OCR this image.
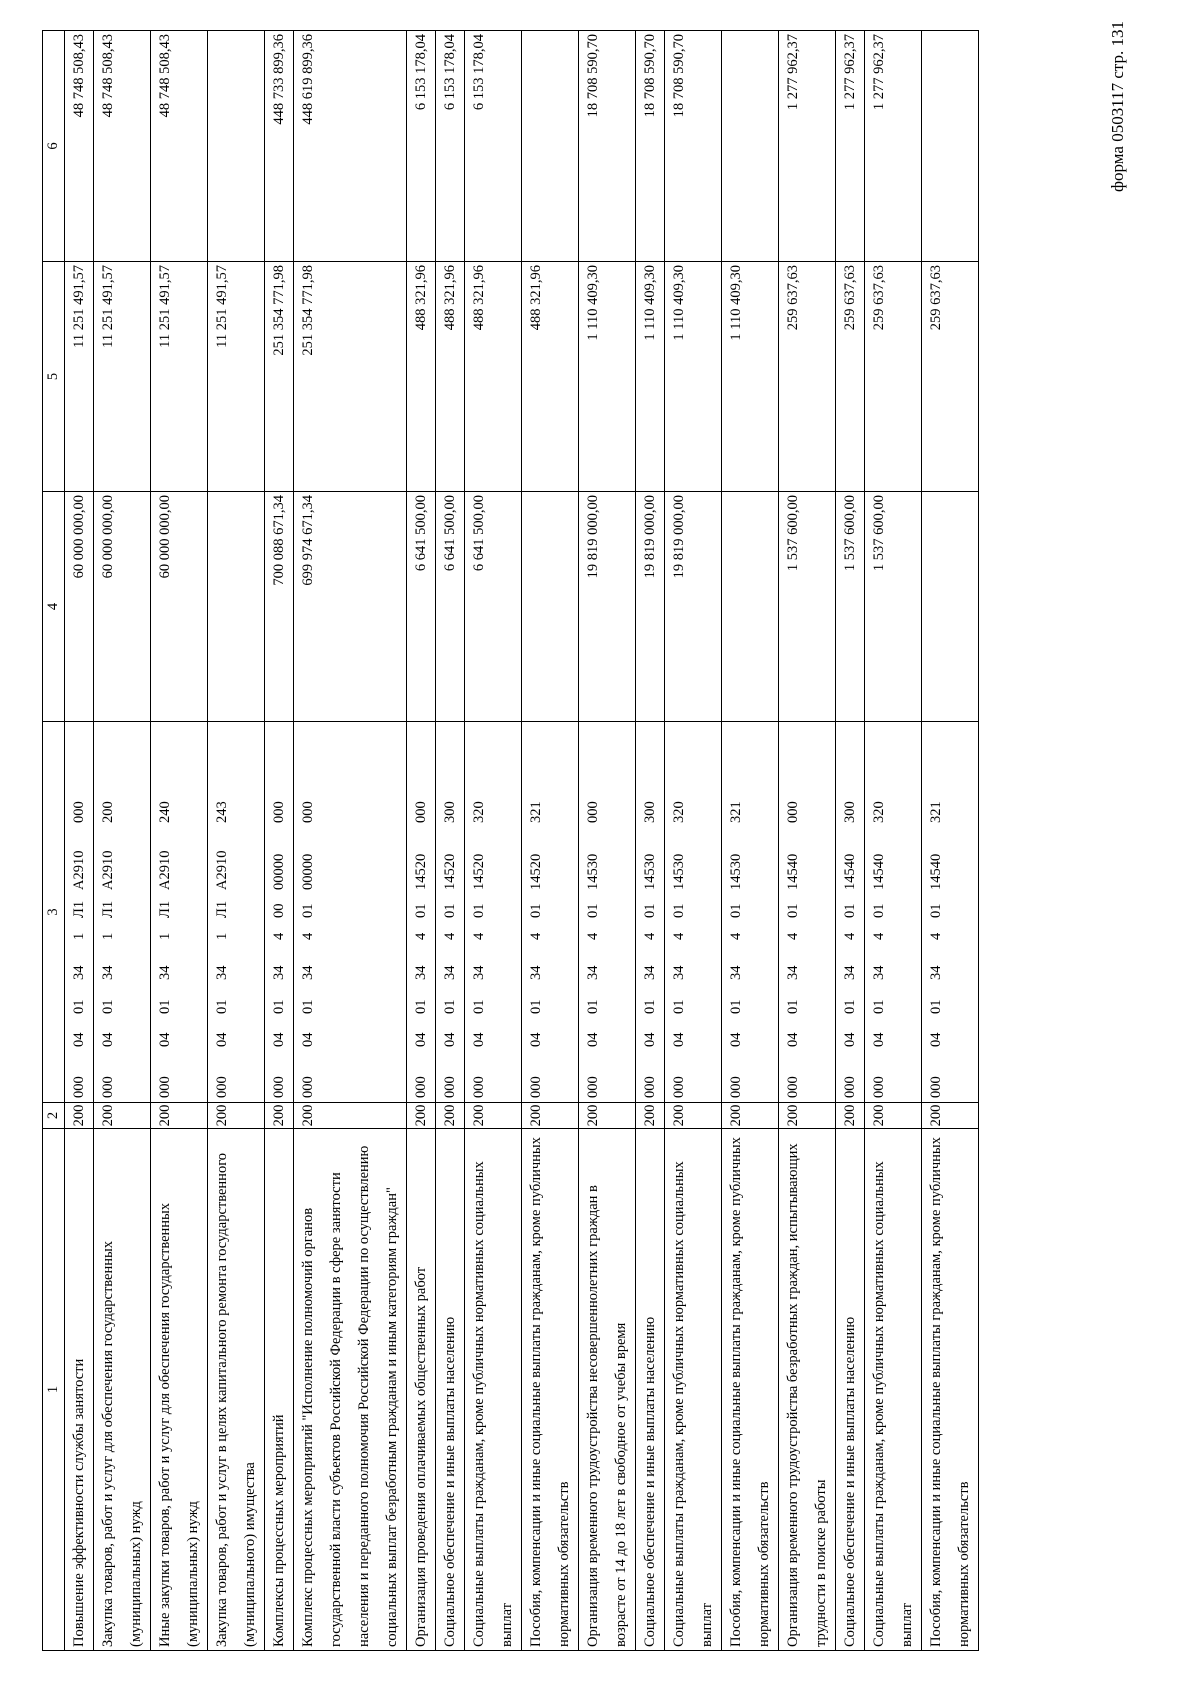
форма 0503117 стр. 131
1	2	3	4	5	6
Повышение эффективности службы занятости	200	0000401341Л1А2910000	60 000 000,00	11 251 491,57	48 748 508,43
Закупка товаров, работ и услуг для обеспечения государственных (муниципальных) нужд	200	0000401341Л1А2910200	60 000 000,00	11 251 491,57	48 748 508,43
Иные закупки товаров, работ и услуг для обеспечения государственных (муниципальных) нужд	200	0000401341Л1А2910240	60 000 000,00	11 251 491,57	48 748 508,43
Закупка товаров, работ и услуг в целях капитального ремонта государственного (муниципального) имущества	200	0000401341Л1А2910243		11 251 491,57	
Комплексы процессных мероприятий	200	00004013440000000000	700 088 671,34	251 354 771,98	448 733 899,36
Комплекс процессных мероприятий "Исполнение полномочий органов государственной власти субъектов Российской Федерации в сфере занятости населения и переданного полномочия Российской Федерации по осуществлению социальных выплат безработным гражданам и иным категориям граждан"	200	00004013440100000000	699 974 671,34	251 354 771,98	448 619 899,36
Организация проведения оплачиваемых общественных работ	200	00004013440114520000	6 641 500,00	488 321,96	6 153 178,04
Социальное обеспечение и иные выплаты населению	200	00004013440114520300	6 641 500,00	488 321,96	6 153 178,04
Социальные выплаты гражданам, кроме публичных нормативных социальных выплат	200	00004013440114520320	6 641 500,00	488 321,96	6 153 178,04
Пособия, компенсации и иные социальные выплаты гражданам, кроме публичных нормативных обязательств	200	00004013440114520321		488 321,96	
Организация временного трудоустройства несовершеннолетних граждан в возрасте от 14 до 18 лет в свободное от учебы время	200	00004013440114530000	19 819 000,00	1 110 409,30	18 708 590,70
Социальное обеспечение и иные выплаты населению	200	00004013440114530300	19 819 000,00	1 110 409,30	18 708 590,70
Социальные выплаты гражданам, кроме публичных нормативных социальных выплат	200	00004013440114530320	19 819 000,00	1 110 409,30	18 708 590,70
Пособия, компенсации и иные социальные выплаты гражданам, кроме публичных нормативных обязательств	200	00004013440114530321		1 110 409,30	
Организация временного трудоустройства безработных граждан, испытывающих трудности в поиске работы	200	00004013440114540000	1 537 600,00	259 637,63	1 277 962,37
Социальное обеспечение и иные выплаты населению	200	00004013440114540300	1 537 600,00	259 637,63	1 277 962,37
Социальные выплаты гражданам, кроме публичных нормативных социальных выплат	200	00004013440114540320	1 537 600,00	259 637,63	1 277 962,37
Пособия, компенсации и иные социальные выплаты гражданам, кроме публичных нормативных обязательств	200	00004013440114540321		259 637,63	
